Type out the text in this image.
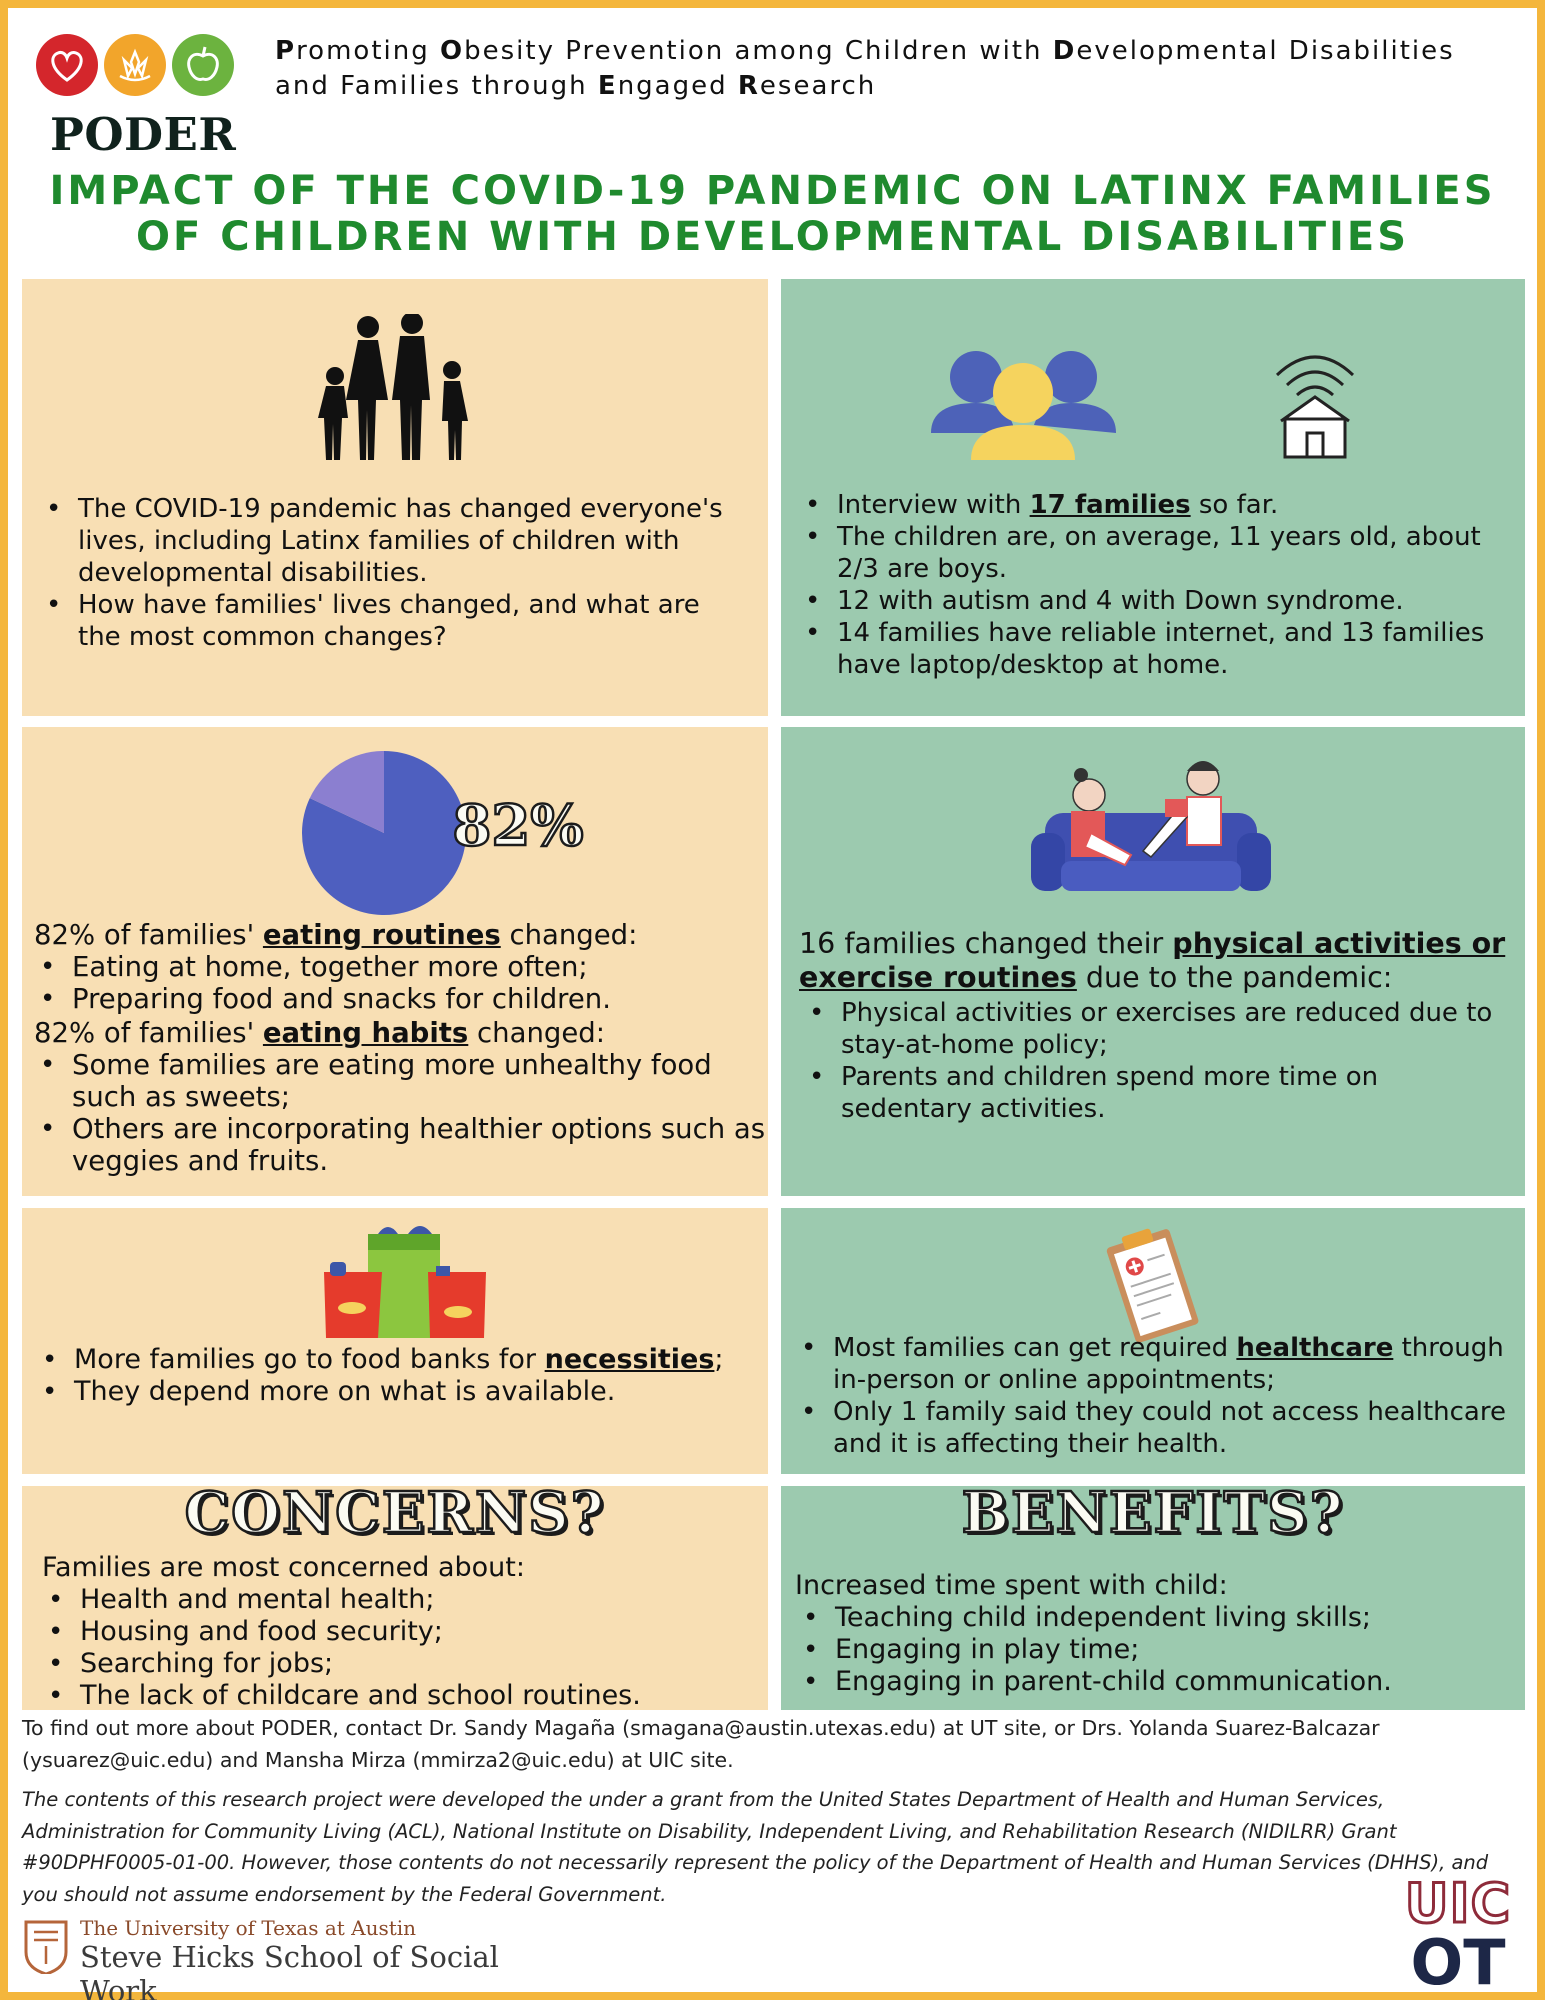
PODER
Promoting Obesity Prevention among Children with Developmental Disabilities
and Families through Engaged Research
IMPACT OF THE COVID-19 PANDEMIC ON LATINX FAMILIES
OF CHILDREN WITH DEVELOPMENTAL DISABILITIES
• The COVID-19 pandemic has changed everyone's lives, including Latinx families of children with developmental disabilities.
• How have families' lives changed, and what are the most common changes?
• Interview with 17 families so far.
• The children are, on average, 11 years old, about 2/3 are boys.
• 12 with autism and 4 with Down syndrome.
• 14 families have reliable internet, and 13 families have laptop/desktop at home.
82%
82% of families' eating routines changed:
• Eating at home, together more often;
• Preparing food and snacks for children.
82% of families' eating habits changed:
• Some families are eating more unhealthy food such as sweets;
• Others are incorporating healthier options such as veggies and fruits.
16 families changed their physical activities or exercise routines due to the pandemic:
• Physical activities or exercises are reduced due to stay-at-home policy;
• Parents and children spend more time on sedentary activities.
• More families go to food banks for necessities;
• They depend more on what is available.
• Most families can get required healthcare through in-person or online appointments;
• Only 1 family said they could not access healthcare and it is affecting their health.
CONCERNS?
Families are most concerned about:
• Health and mental health;
• Housing and food security;
• Searching for jobs;
• The lack of childcare and school routines.
BENEFITS?
Increased time spent with child:
• Teaching child independent living skills;
• Engaging in play time;
• Engaging in parent-child communication.
To find out more about PODER, contact Dr. Sandy Magaña (smagana@austin.utexas.edu) at UT site, or Drs. Yolanda Suarez-Balcazar (ysuarez@uic.edu) and Mansha Mirza (mmirza2@uic.edu) at UIC site.
The contents of this research project were developed the under a grant from the United States Department of Health and Human Services, Administration for Community Living (ACL), National Institute on Disability, Independent Living, and Rehabilitation Research (NIDILRR) Grant #90DPHF0005-01-00. However, those contents do not necessarily represent the policy of the Department of Health and Human Services (DHHS), and you should not assume endorsement by the Federal Government.
The University of Texas at Austin
Steve Hicks School of Social Work
UIC
OT
